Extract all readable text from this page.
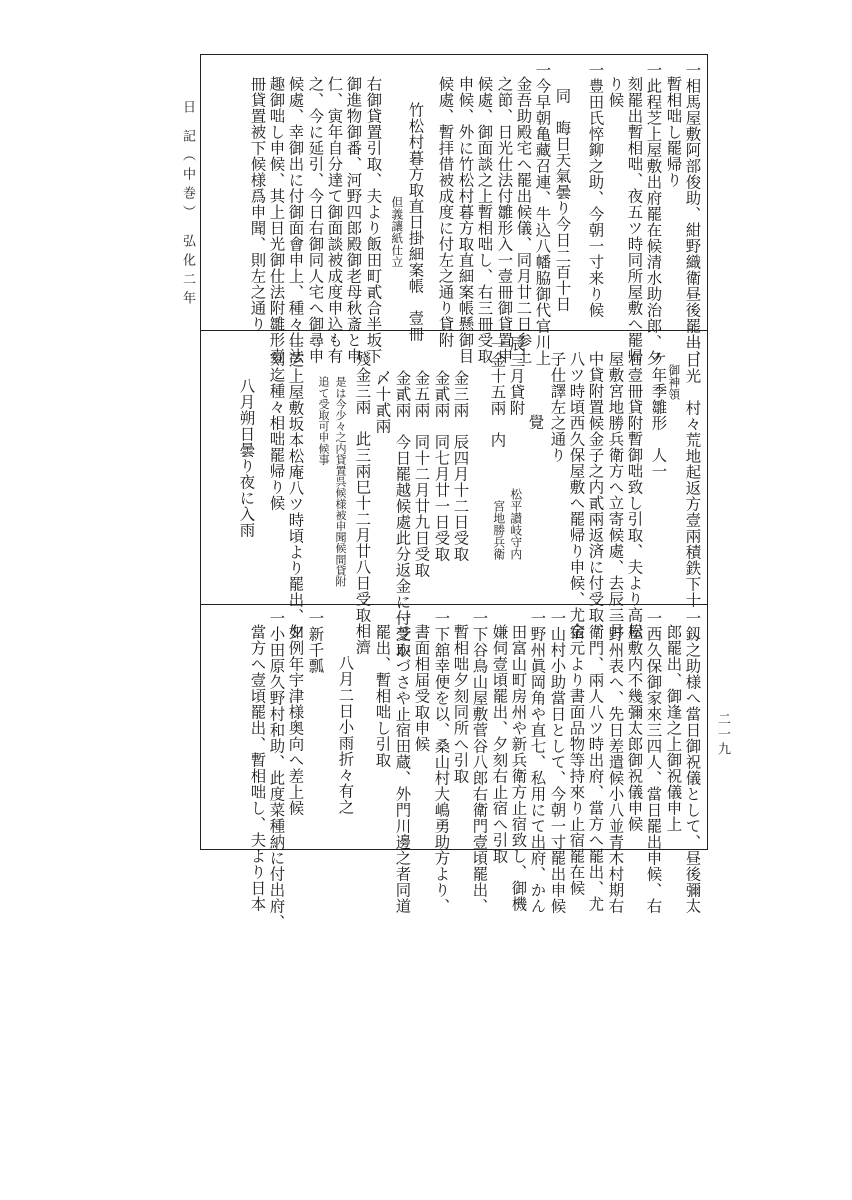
日 記（中巻） 弘化二年
二一九
一相馬屋敷阿部俊助、紺野織衛昼後罷出、
暫相咄し罷帰り
一此程芝上屋敷出府罷在候清水助治郎、夕
刻罷出暫相咄、夜五ツ時同所屋敷へ罷帰
り候
一豊田氏悴鉚之助、今朝一寸来り候
同　晦日天氣曇り今日二百十日
一今早朝亀藏召連、牛込八幡脇御代官川上
金吾助殿宅へ罷出候儀、同月廿二日参上
之節、日光仕法付雛形入一壹冊御貸置申
候處、御面談之上暫相咄し、右三冊受取
申候、外に竹松村暮方取直細案帳懸御目
候處、暫拝借被成度に付左之通り貸附
竹松村暮方取直日掛細案帳　壹冊
但義讓紙仕立
右御貸置引取、夫より飯田町貳合半坂下
御進物御番、河野四郎殿御老母秋斎と申
仁、寅年自分達て御面談被成度申込も有
之、今に延引、今日右御同人宅へ御尋申
候處、幸御出に付御面會申上、種々仕法
趣御咄し申候、其上日光御仕法附雛形壹
冊貸置被下候様爲申聞、則左之通り
一日光　村々荒地起返方壹兩積鉄下十
　御神領
ケ年季雛形　人一
右壹冊貸附暫御咄致し引取、夫より高松
屋敷宮地勝兵衛方へ立寄候處、去辰三月
中貸附置候金子之内貳兩返済に付受取、
八ツ時頃西久保屋敷へ罷帰り申候、尤金
子仕譯左之通り
覺
辰三月貸附
一金十五兩　内
松平讃岐守内
宮地勝兵衛
金三兩　辰四月十二日受取
金貳兩　同七月廿一日受取
金五兩　同十二月廿九日受取
金貳兩　今日罷越候處此分返金に付受取
〆十貳兩
殘金三兩　此三兩巳十二月廿八日受取相濟
是は今少々之内貸置呉候様被申聞候間貸附
追て受取可申候事
一芝上屋敷坂本松庵八ツ時頃より罷出、夕
刻迄種々相咄罷帰り候
八月朔日曇り夜に入雨
一釼之助様へ當日御祝儀として、昼後彌太
郎罷出、御逢之上御祝儀申上
一西久保御家來三四人、當日罷出申候、右
屋敷内不幾彌太郎御祝儀申候
一野州表へ、先日差遣候小八並青木村期右
衛門、兩人八ツ時出府、當方へ罷出、尤
宿元より書面品物等持來り止宿罷在候
一山村小助當日として、今朝一寸罷出申候
一野州眞岡角や直七、私用にて出府、かん
田富山町房州や新兵衛方止宿致し、御機
嫌伺壹頃罷出、夕刻右止宿へ引取
一下谷鳥山屋敷菅谷八郎右衛門壹頃罷出、
暫相咄夕刻同所へ引取
一下舘幸便を以、桑山村大嶋勇助方より、
書面相届受取申候
一芝かづさや止宿田蔵、外門川邊之者同道
罷出、暫相咄し引取
八月二日小雨折々有之
一新千瓢
如例年宇津様奥向へ差上候
一小田原久野村和助、此度菜種納に付出府、
當方へ壹頃罷出、暫相咄し、夫より日本
